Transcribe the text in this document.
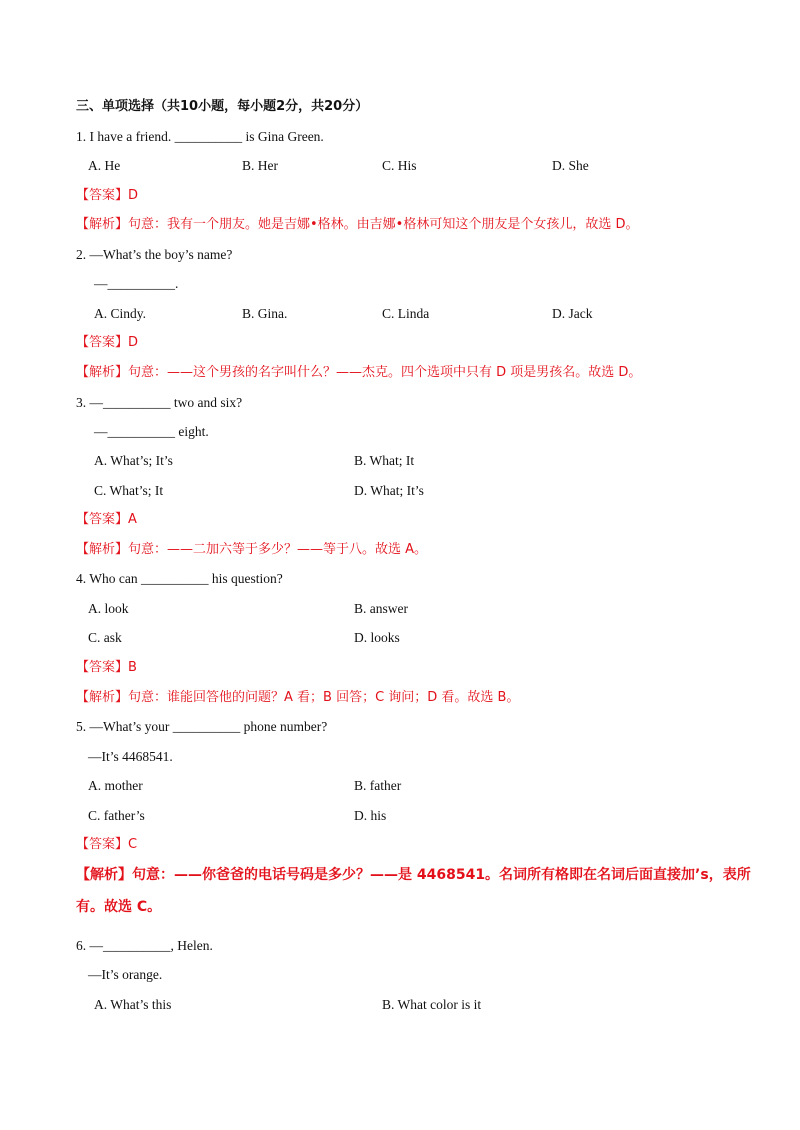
三、单项选择（共10小题，每小题2分，共20分）
1. I have a friend. __________ is Gina Green.
A. He	B. Her	C. His	D. She
【答案】D
【解析】句意：我有一个朋友。她是吉娜•格林。由吉娜•格林可知这个朋友是个女孩儿，故选 D。
2. —What’s the boy’s name?
—__________.
A. Cindy.	B. Gina.	C. Linda	D. Jack
【答案】D
【解析】句意：——这个男孩的名字叫什么？——杰克。四个选项中只有 D 项是男孩名。故选 D。
3. —__________ two and six?
—__________ eight.
A. What’s; It’s	B. What; It
C. What’s; It	D. What; It’s
【答案】A
【解析】句意：——二加六等于多少？——等于八。故选 A。
4. Who can __________ his question?
A. look	B. answer
C. ask	D. looks
【答案】B
【解析】句意：谁能回答他的问题？A 看；B 回答；C 询问；D 看。故选 B。
5. —What’s your __________ phone number?
—It’s 4468541.
A. mother	B. father
C. father’s	D. his
【答案】C
【解析】句意：——你爸爸的电话号码是多少？——是 4468541。名词所有格即在名词后面直接加’s，表所
有。故选 C。
6. —__________, Helen.
—It’s orange.
A. What’s this	B. What color is it
